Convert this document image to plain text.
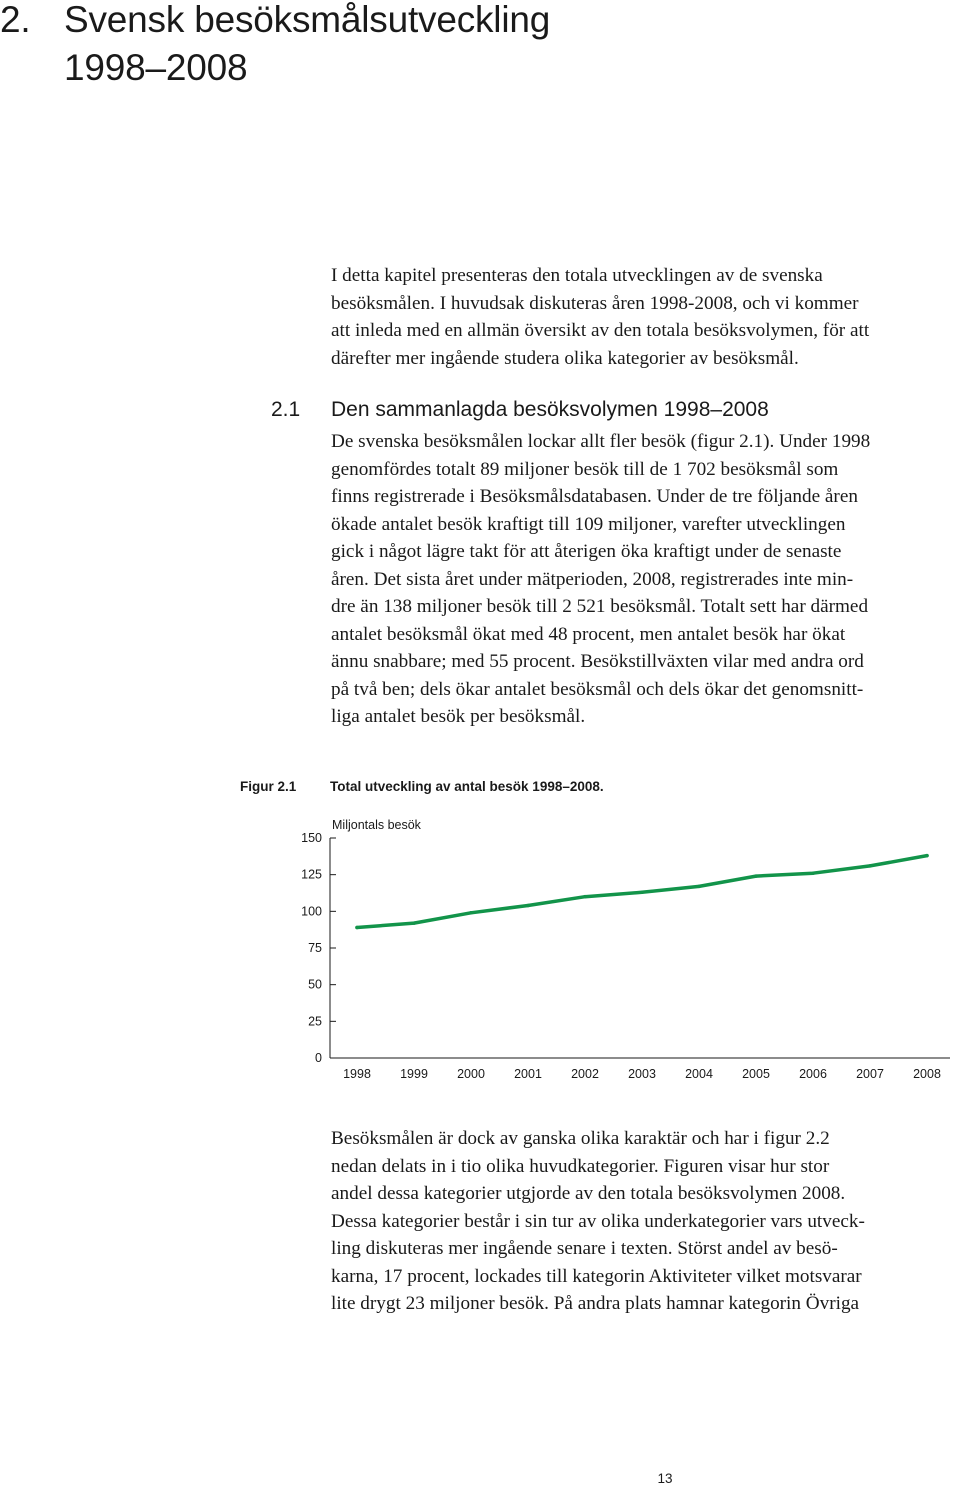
2. Svensk besöksmålsutveckling
1998–2008
I detta kapitel presenteras den totala utvecklingen av de svenska
besöksmålen. I huvudsak diskuteras åren 1998-2008, och vi kommer
att inleda med en allmän översikt av den totala besöksvolymen, för att
därefter mer ingående studera olika kategorier av besöksmål.
2.1 Den sammanlagda besöksvolymen 1998–2008
De svenska besöksmålen lockar allt fler besök (figur 2.1). Under 1998
genomfördes totalt 89 miljoner besök till de 1 702 besöksmål som
finns registrerade i Besöksmålsdatabasen. Under de tre följande åren
ökade antalet besök kraftigt till 109 miljoner, varefter utvecklingen
gick i något lägre takt för att återigen öka kraftigt under de senaste
åren. Det sista året under mätperioden, 2008, registrerades inte min-
dre än 138 miljoner besök till 2 521 besöksmål. Totalt sett har därmed
antalet besöksmål ökat med 48 procent, men antalet besök har ökat
ännu snabbare; med 55 procent. Besökstillväxten vilar med andra ord
på två ben; dels ökar antalet besöksmål och dels ökar det genomsnitt-
liga antalet besök per besöksmål.
Figur 2.1 Total utveckling av antal besök 1998–2008.
0
25
50
75
100
125
150
Miljontals besök
1998 1999 2000 2001 2002 2003 2004 2005 2006 2007 2008
Besöksmålen är dock av ganska olika karaktär och har i figur 2.2
nedan delats in i tio olika huvudkategorier. Figuren visar hur stor
andel dessa kategorier utgjorde av den totala besöksvolymen 2008.
Dessa kategorier består i sin tur av olika underkategorier vars utveck-
ling diskuteras mer ingående senare i texten. Störst andel av besö-
karna, 17 procent, lockades till kategorin Aktiviteter vilket motsvarar
lite drygt 23 miljoner besök. På andra plats hamnar kategorin Övriga
13
